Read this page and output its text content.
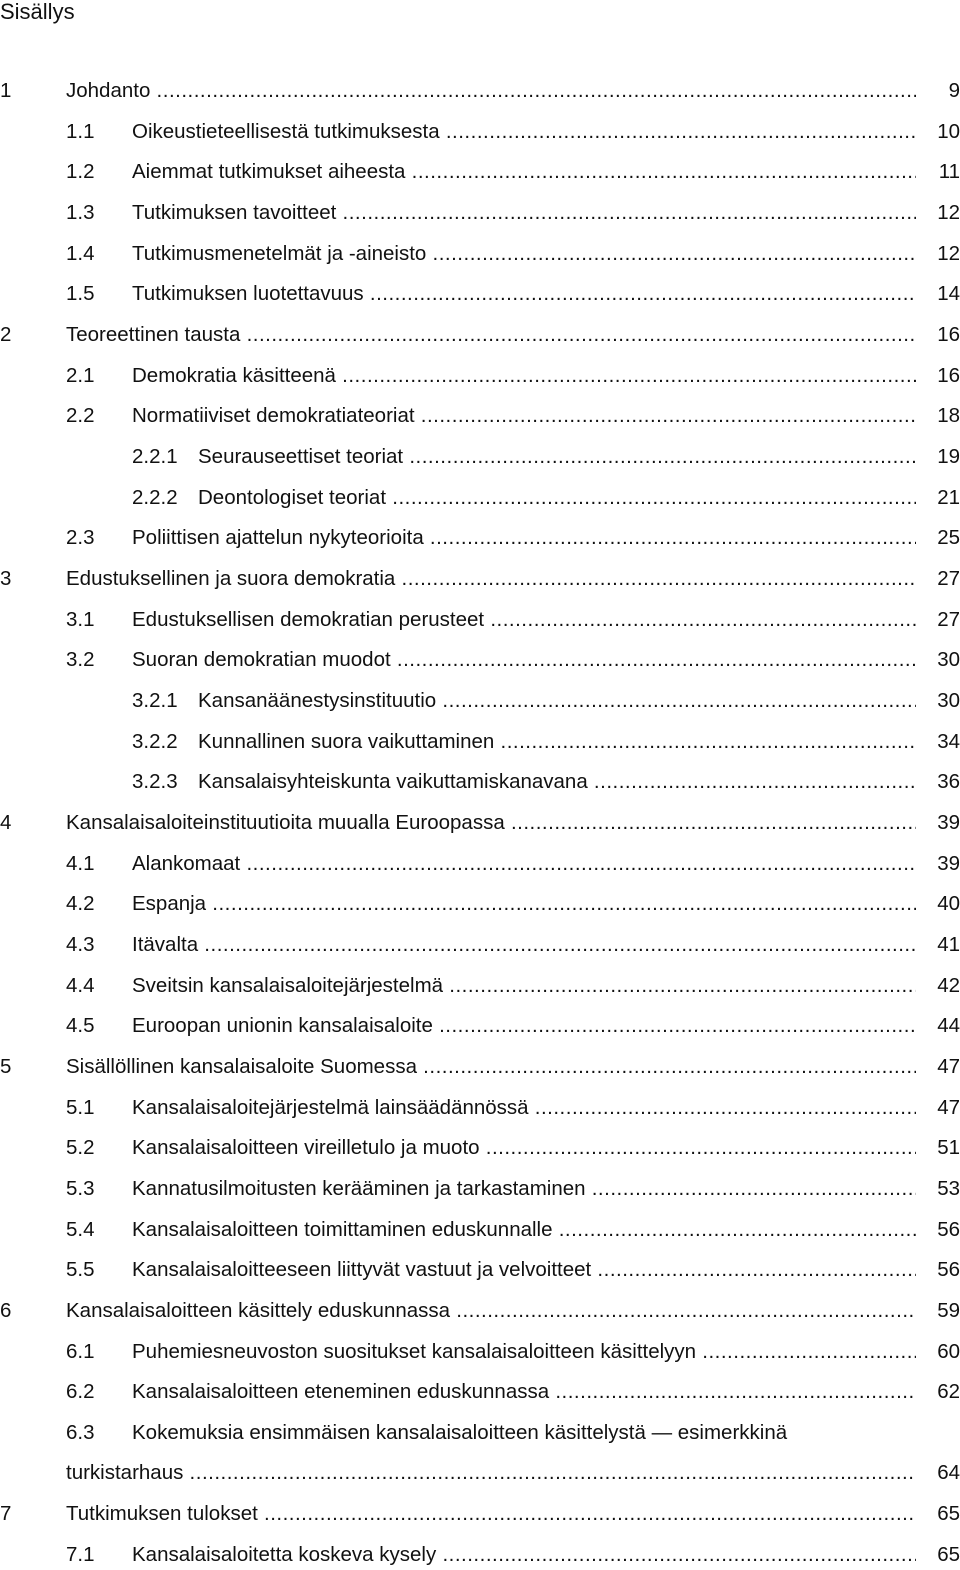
Sisällys
1	Johdanto .....	9
1.1 Oikeustieteellisestä tutkimuksesta .....	10
1.2 Aiemmat tutkimukset aiheesta .....	11
1.3 Tutkimuksen tavoitteet .....	12
1.4 Tutkimusmenetelmät ja -aineisto .....	12
1.5 Tutkimuksen luotettavuus .....	14
2	Teoreettinen tausta .....	16
2.1 Demokratia käsitteenä .....	16
2.2 Normatiiviset demokratiateoriat .....	18
2.2.1 Seurauseettiset teoriat .....	19
2.2.2 Deontologiset teoriat .....	21
2.3 Poliittisen ajattelun nykyteorioita .....	25
3	Edustuksellinen ja suora demokratia .....	27
3.1 Edustuksellisen demokratian perusteet .....	27
3.2 Suoran demokratian muodot .....	30
3.2.1 Kansanäänestysinstituutio .....	30
3.2.2 Kunnallinen suora vaikuttaminen .....	34
3.2.3 Kansalaisyhteiskunta vaikuttamiskanavana .....	36
4	Kansalaisaloiteinstituutioita muualla Euroopassa .....	39
4.1 Alankomaat .....	39
4.2 Espanja .....	40
4.3 Itävalta .....	41
4.4 Sveitsin kansalaisaloitejärjestelmä .....	42
4.5 Euroopan unionin kansalaisaloite .....	44
5	Sisällöllinen kansalaisaloite Suomessa .....	47
5.1 Kansalaisaloitejärjestelmä lainsäädännössä .....	47
5.2 Kansalaisaloitteen vireilletulo ja muoto .....	51
5.3 Kannatusilmoitusten kerääminen ja tarkastaminen .....	53
5.4 Kansalaisaloitteen toimittaminen eduskunnalle .....	56
5.5 Kansalaisaloitteeseen liittyvät vastuut ja velvoitteet .....	56
6	Kansalaisaloitteen käsittely eduskunnassa .....	59
6.1 Puhemiesneuvoston suositukset kansalaisaloitteen käsittelyyn .....	60
6.2 Kansalaisaloitteen eteneminen eduskunnassa .....	62
6.3 Kokemuksia ensimmäisen kansalaisaloitteen käsittelystä — esimerkkinä
turkistarhaus .....	64
7	Tutkimuksen tulokset .....	65
7.1 Kansalaisaloitetta koskeva kysely .....	65
